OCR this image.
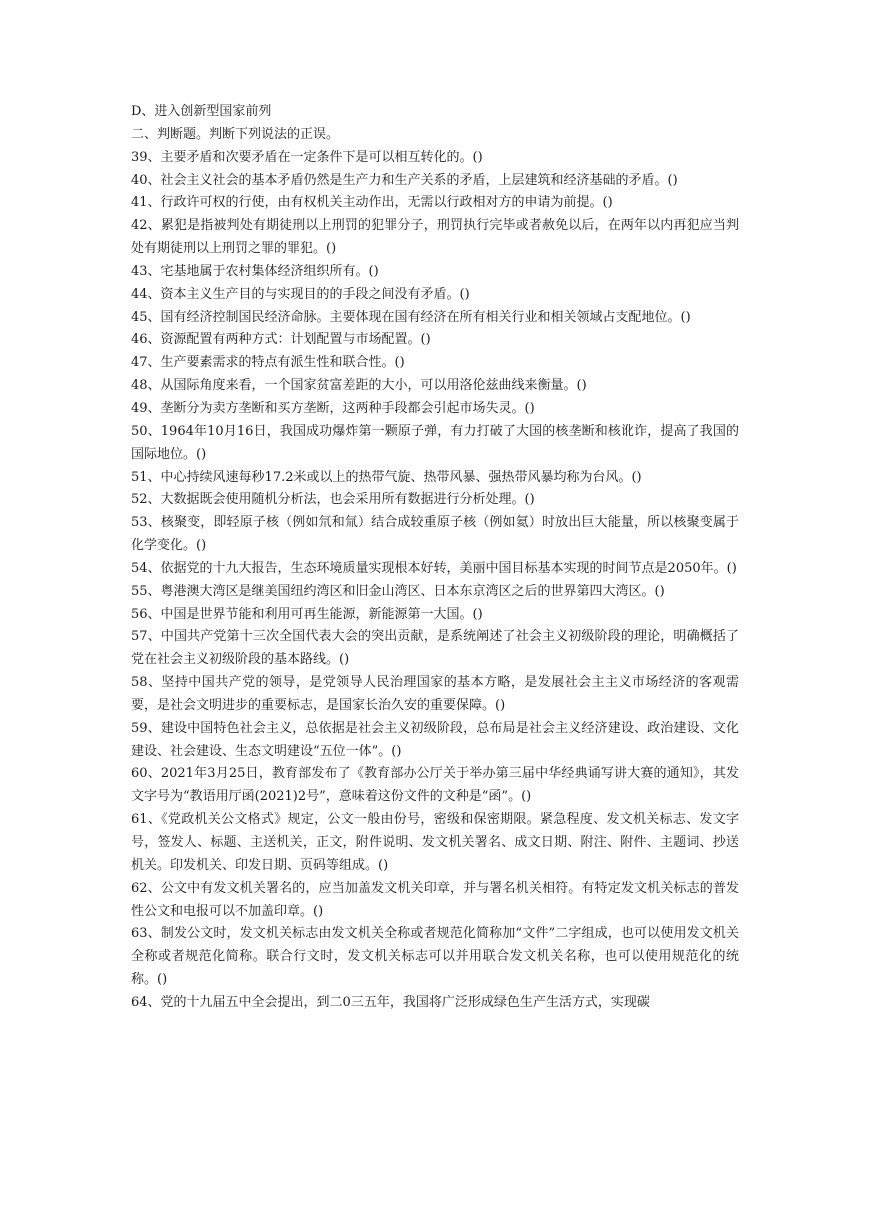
D、进入创新型国家前列

二、判断题。判断下列说法的正误。

39、主要矛盾和次要矛盾在一定条件下是可以相互转化的。()

40、社会主义社会的基本矛盾仍然是生产力和生产关系的矛盾，上层建筑和经济基础的矛盾。()

41、行政许可权的行使，由有权机关主动作出，无需以行政相对方的申请为前提。()

42、累犯是指被判处有期徒刑以上刑罚的犯罪分子，刑罚执行完毕或者赦免以后，在两年以内再犯应当判处有期徒刑以上刑罚之罪的罪犯。()

43、宅基地属于农村集体经济组织所有。()

44、资本主义生产目的与实现目的的手段之间没有矛盾。()

45、国有经济控制国民经济命脉。主要体现在国有经济在所有相关行业和相关领域占支配地位。()

46、资源配置有两种方式：计划配置与市场配置。()

47、生产要素需求的特点有派生性和联合性。()

48、从国际角度来看，一个国家贫富差距的大小，可以用洛伦兹曲线来衡量。()

49、垄断分为卖方垄断和买方垄断，这两种手段都会引起市场失灵。()

50、1964年10月16日，我国成功爆炸第一颗原子弹，有力打破了大国的核垄断和核讹诈，提高了我国的国际地位。()

51、中心持续风速每秒17.2米或以上的热带气旋、热带风暴、强热带风暴均称为台风。()

52、大数据既会使用随机分析法，也会采用所有数据进行分析处理。()

53、核聚变，即轻原子核（例如氘和氚）结合成较重原子核（例如氦）时放出巨大能量，所以核聚变属于化学变化。()

54、依据党的十九大报告，生态环境质量实现根本好转，美丽中国目标基本实现的时间节点是2050年。()

55、粤港澳大湾区是继美国纽约湾区和旧金山湾区、日本东京湾区之后的世界第四大湾区。()

56、中国是世界节能和利用可再生能源，新能源第一大国。()

57、中国共产党第十三次全国代表大会的突出贡献，是系统阐述了社会主义初级阶段的理论，明确概括了党在社会主义初级阶段的基本路线。()

58、坚持中国共产党的领导，是党领导人民治理国家的基本方略，是发展社会主主义市场经济的客观需要，是社会文明进步的重要标志，是国家长治久安的重要保障。()

59、建设中国特色社会主义，总依据是社会主义初级阶段，总布局是社会主义经济建设、政治建设、文化建设、社会建设、生态文明建设“五位一体”。()

60、2021年3月25日，教育部发布了《教育部办公厅关于举办第三届中华经典诵写讲大赛的通知》，其发文字号为“教语用厅函(2021)2号”，意味着这份文件的文种是“函”。()

61、《党政机关公文格式》规定，公文一般由份号，密级和保密期限。紧急程度、发文机关标志、发文字号，签发人、标题、主送机关，正文，附件说明、发文机关署名、成文日期、附注、附件、主题词、抄送机关。印发机关、印发日期、页码等组成。()

62、公文中有发文机关署名的，应当加盖发文机关印章，并与署名机关相符。有特定发文机关标志的普发性公文和电报可以不加盖印章。()

63、制发公文时，发文机关标志由发文机关全称或者规范化简称加“文件”二字组成，也可以使用发文机关全称或者规范化简称。联合行文时，发文机关标志可以并用联合发文机关名称，也可以使用规范化的统称。()

64、党的十九届五中全会提出，到二0三五年，我国将广泛形成绿色生产生活方式，实现碳
